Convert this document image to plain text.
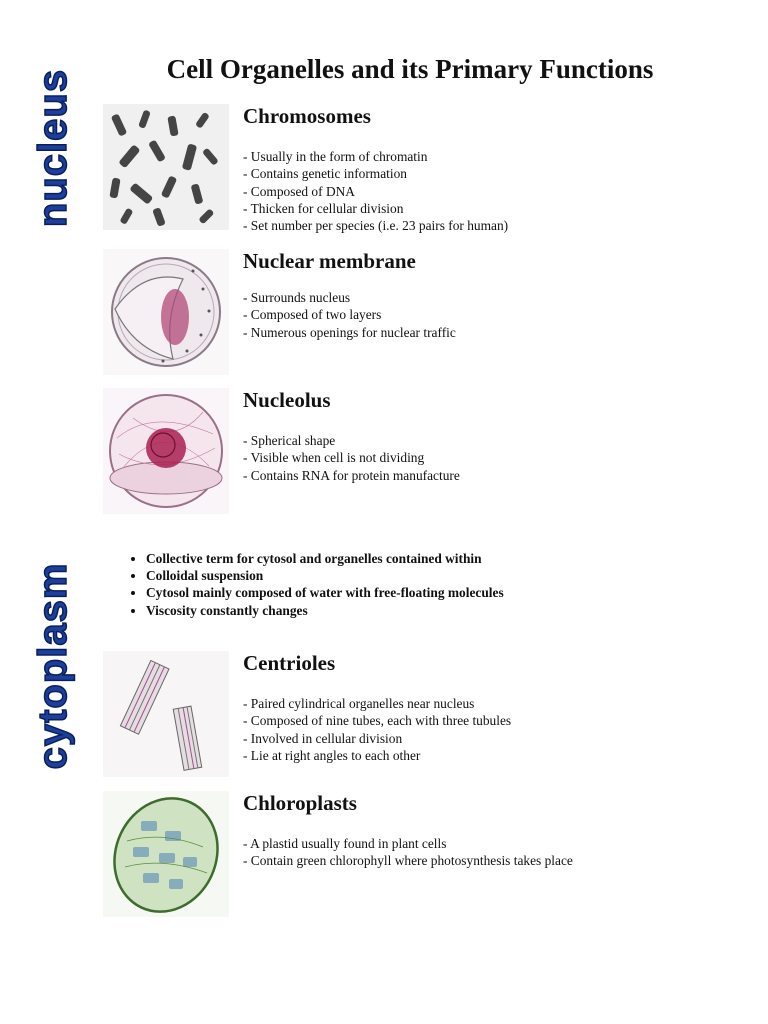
nucleus
cytoplasm
Cell Organelles and its Primary Functions
Chromosomes
- Usually in the form of chromatin
- Contains genetic information
- Composed of DNA
- Thicken for cellular division
- Set number per species (i.e. 23 pairs for human)
Nuclear membrane
- Surrounds nucleus
- Composed of two layers
- Numerous openings for nuclear traffic
Nucleolus
- Spherical shape
- Visible when cell is not dividing
- Contains RNA for protein manufacture
• Collective term for cytosol and organelles contained within
• Colloidal suspension
• Cytosol mainly composed of water with free-floating molecules
• Viscosity constantly changes
Centrioles
- Paired cylindrical organelles near nucleus
- Composed of nine tubes, each with three tubules
- Involved in cellular division
- Lie at right angles to each other
Chloroplasts
- A plastid usually found in plant cells
- Contain green chlorophyll where photosynthesis takes place
